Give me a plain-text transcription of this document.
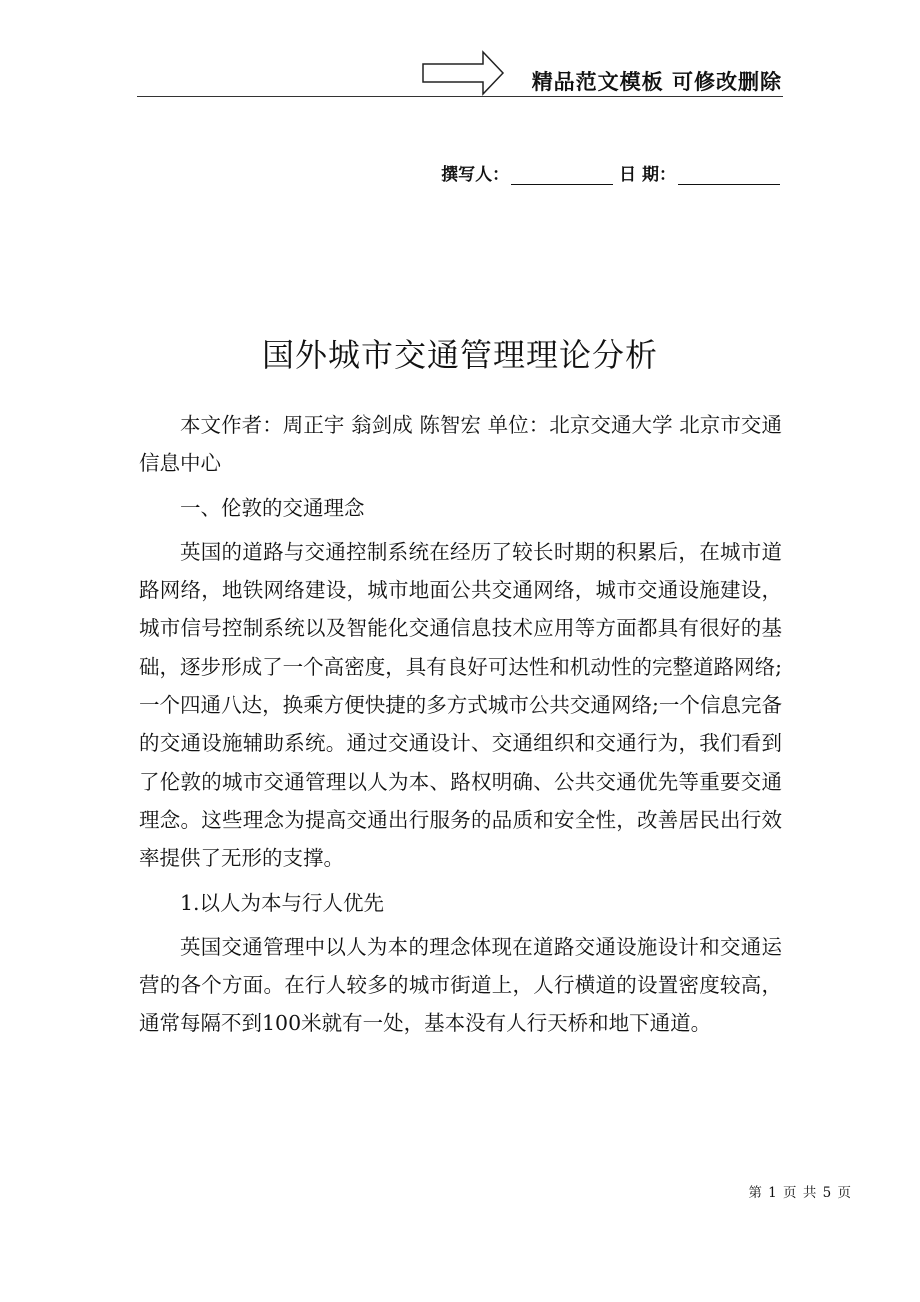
精品范文模板 可修改删除
撰写人：	日 期：
国外城市交通管理理论分析

本文作者：周正宇 翁剑成 陈智宏 单位：北京交通大学 北京市交通信息中心

一、伦敦的交通理念

英国的道路与交通控制系统在经历了较长时期的积累后，在城市道路网络，地铁网络建设，城市地面公共交通网络，城市交通设施建设，城市信号控制系统以及智能化交通信息技术应用等方面都具有很好的基础，逐步形成了一个高密度，具有良好可达性和机动性的完整道路网络;一个四通八达，换乘方便快捷的多方式城市公共交通网络;一个信息完备的交通设施辅助系统。通过交通设计、交通组织和交通行为，我们看到了伦敦的城市交通管理以人为本、路权明确、公共交通优先等重要交通理念。这些理念为提高交通出行服务的品质和安全性，改善居民出行效率提供了无形的支撑。

1.以人为本与行人优先

英国交通管理中以人为本的理念体现在道路交通设施设计和交通运营的各个方面。在行人较多的城市街道上，人行横道的设置密度较高，通常每隔不到100米就有一处，基本没有人行天桥和地下通道。

第 1 页 共 5 页
